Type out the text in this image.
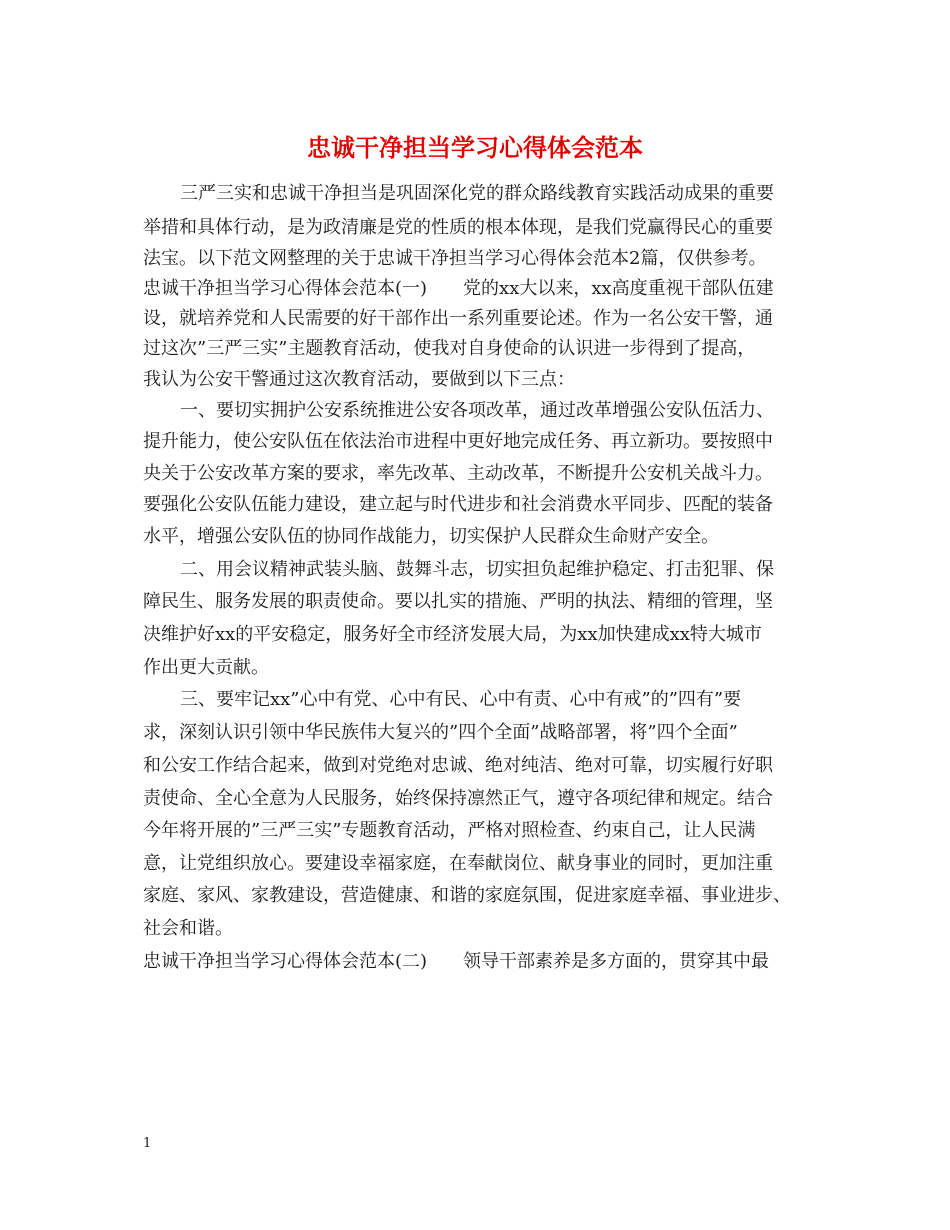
忠诚干净担当学习心得体会范本
三严三实和忠诚干净担当是巩固深化党的群众路线教育实践活动成果的重要
举措和具体行动，是为政清廉是党的性质的根本体现，是我们党赢得民心的重要
法宝。以下范文网整理的关于忠诚干净担当学习心得体会范本2篇，仅供参考。
忠诚干净担当学习心得体会范本(一)　　党的xx大以来，xx高度重视干部队伍建
设，就培养党和人民需要的好干部作出一系列重要论述。作为一名公安干警，通
过这次”三严三实”主题教育活动，使我对自身使命的认识进一步得到了提高，
我认为公安干警通过这次教育活动，要做到以下三点：
一、要切实拥护公安系统推进公安各项改革，通过改革增强公安队伍活力、
提升能力，使公安队伍在依法治市进程中更好地完成任务、再立新功。要按照中
央关于公安改革方案的要求，率先改革、主动改革，不断提升公安机关战斗力。
要强化公安队伍能力建设，建立起与时代进步和社会消费水平同步、匹配的装备
水平，增强公安队伍的协同作战能力，切实保护人民群众生命财产安全。
二、用会议精神武装头脑、鼓舞斗志，切实担负起维护稳定、打击犯罪、保
障民生、服务发展的职责使命。要以扎实的措施、严明的执法、精细的管理，坚
决维护好xx的平安稳定，服务好全市经济发展大局，为xx加快建成xx特大城市
作出更大贡献。
三、要牢记xx”心中有党、心中有民、心中有责、心中有戒”的”四有”要
求，深刻认识引领中华民族伟大复兴的”四个全面”战略部署，将”四个全面”
和公安工作结合起来，做到对党绝对忠诚、绝对纯洁、绝对可靠，切实履行好职
责使命、全心全意为人民服务，始终保持凛然正气，遵守各项纪律和规定。结合
今年将开展的”三严三实”专题教育活动，严格对照检查、约束自己，让人民满
意，让党组织放心。要建设幸福家庭，在奉献岗位、献身事业的同时，更加注重
家庭、家风、家教建设，营造健康、和谐的家庭氛围，促进家庭幸福、事业进步、
社会和谐。
忠诚干净担当学习心得体会范本(二)　　领导干部素养是多方面的，贯穿其中最
1
